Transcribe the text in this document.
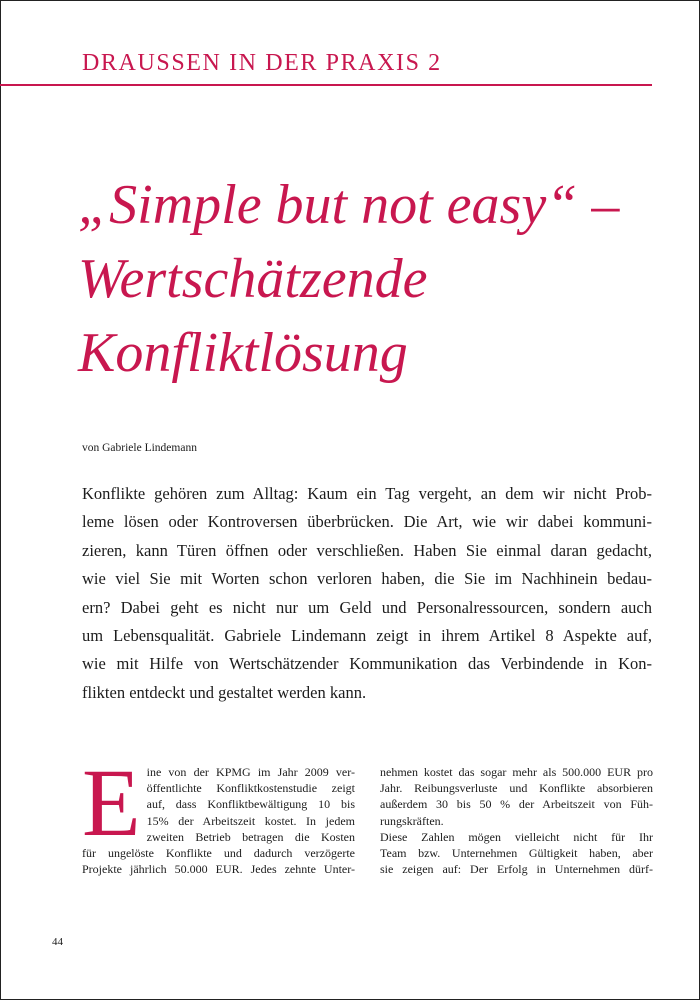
DRAUSSEN IN DER PRAXIS 2
„Simple but not easy“ –
Wertschätzende
Konfliktlösung
von Gabriele Lindemann
Konflikte gehören zum Alltag: Kaum ein Tag vergeht, an dem wir nicht Prob-
leme lösen oder Kontroversen überbrücken. Die Art, wie wir dabei kommuni-
zieren, kann Türen öffnen oder verschließen. Haben Sie einmal daran gedacht,
wie viel Sie mit Worten schon verloren haben, die Sie im Nachhinein bedau-
ern? Dabei geht es nicht nur um Geld und Personalressourcen, sondern auch
um Lebensqualität. Gabriele Lindemann zeigt in ihrem Artikel 8 Aspekte auf,
wie mit Hilfe von Wertschätzender Kommunikation das Verbindende in Kon-
flikten entdeckt und gestaltet werden kann.
E ine von der KPMG im Jahr 2009 ver-
öffentlichte Konfliktkostenstudie zeigt
auf, dass Konfliktbewältigung 10 bis
15% der Arbeitszeit kostet. In jedem
zweiten Betrieb betragen die Kosten
für ungelöste Konflikte und dadurch verzögerte
Projekte jährlich 50.000 EUR. Jedes zehnte Unter-
nehmen kostet das sogar mehr als 500.000 EUR pro
Jahr. Reibungsverluste und Konflikte absorbieren
außerdem 30 bis 50 % der Arbeitszeit von Füh-
rungskräften.
Diese Zahlen mögen vielleicht nicht für Ihr
Team bzw. Unternehmen Gültigkeit haben, aber
sie zeigen auf: Der Erfolg in Unternehmen dürf-
44
